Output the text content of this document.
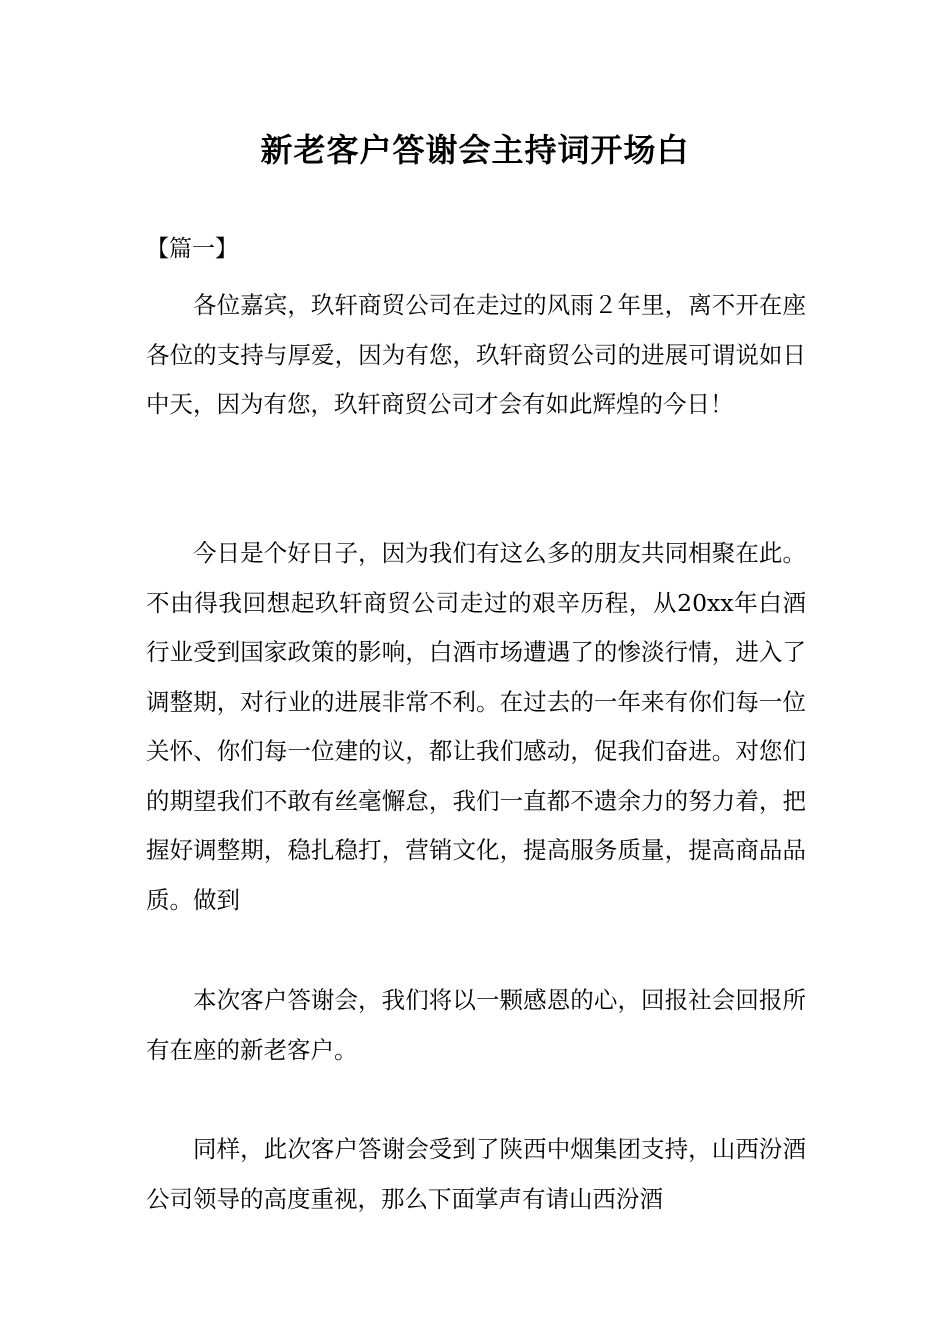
新老客户答谢会主持词开场白
【篇一】

各位嘉宾，玖轩商贸公司在走过的风雨２年里，离不开在座各位的支持与厚爱，因为有您，玖轩商贸公司的进展可谓说如日中天，因为有您，玖轩商贸公司才会有如此辉煌的今日！

今日是个好日子，因为我们有这么多的朋友共同相聚在此。不由得我回想起玖轩商贸公司走过的艰辛历程，从20xx年白酒行业受到国家政策的影响，白酒市场遭遇了的惨淡行情，进入了调整期，对行业的进展非常不利。在过去的一年来有你们每一位关怀、你们每一位建的议，都让我们感动，促我们奋进。对您们的期望我们不敢有丝毫懈怠，我们一直都不遗余力的努力着，把握好调整期，稳扎稳打，营销文化，提高服务质量，提高商品品质。做到

本次客户答谢会，我们将以一颗感恩的心，回报社会回报所有在座的新老客户。

同样，此次客户答谢会受到了陕西中烟集团支持，山西汾酒公司领导的高度重视，那么下面掌声有请山西汾酒
